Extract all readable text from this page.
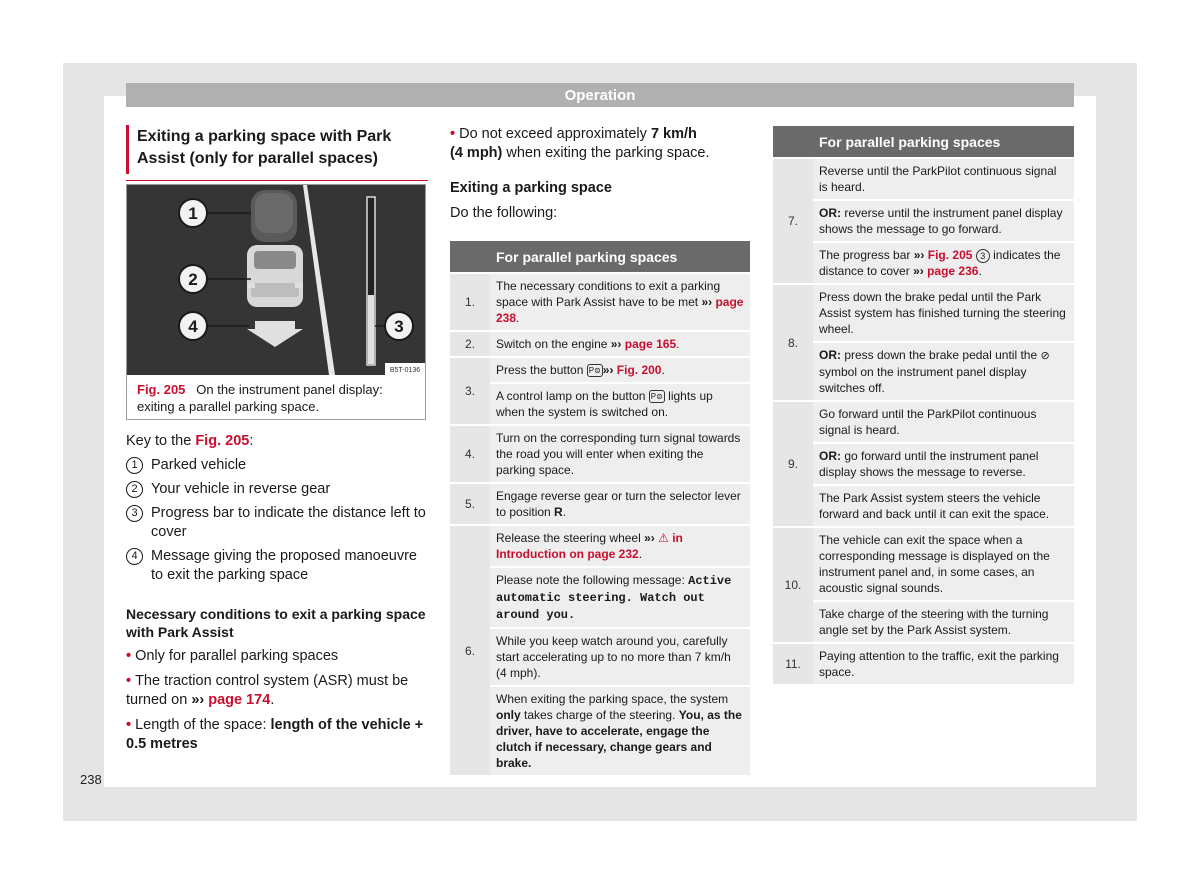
Operation
Exiting a parking space with Park Assist (only for parallel spaces)
1
2
4	3
B5T-0136
Fig. 205 On the instrument panel display: exiting a parallel parking space.
Key to the Fig. 205:
1 Parked vehicle
2 Your vehicle in reverse gear
3 Progress bar to indicate the distance left to cover
4 Message giving the proposed manoeuvre to exit the parking space
Necessary conditions to exit a parking space with Park Assist
• Only for parallel parking spaces
• The traction control system (ASR) must be turned on »› page 174.
• Length of the space: length of the vehicle + 0.5 metres
• Do not exceed approximately 7 km/h
(4 mph) when exiting the parking space.
Exiting a parking space
Do the following:
	For parallel parking spaces
1.	The necessary conditions to exit a parking space with Park Assist have to be met »› page 238.
2.	Switch on the engine »› page 165.
3.	Press the button P⊜ »› Fig. 200.
	A control lamp on the button P⊜ lights up when the system is switched on.
4.	Turn on the corresponding turn signal towards the road you will enter when exiting the parking space.
5.	Engage reverse gear or turn the selector lever to position R.
6.	Release the steering wheel »› ⚠ in Introduction on page 232.
	Please note the following message: Active automatic steering. Watch out around you.
	While you keep watch around you, carefully start accelerating up to no more than 7 km/h (4 mph).
	When exiting the parking space, the system only takes charge of the steering. You, as the driver, have to accelerate, engage the clutch if necessary, change gears and brake.
	For parallel parking spaces
7.	Reverse until the ParkPilot continuous signal is heard.
	OR: reverse until the instrument panel display shows the message to go forward.
	The progress bar »› Fig. 205 3 indicates the distance to cover »› page 236.
8.	Press down the brake pedal until the Park Assist system has finished turning the steering wheel.
	OR: press down the brake pedal until the ⊘ symbol on the instrument panel display switches off.
9.	Go forward until the ParkPilot continuous signal is heard.
	OR: go forward until the instrument panel display shows the message to reverse.
	The Park Assist system steers the vehicle forward and back until it can exit the space.
10.	The vehicle can exit the space when a corresponding message is displayed on the instrument panel and, in some cases, an acoustic signal sounds.
	Take charge of the steering with the turning angle set by the Park Assist system.
11.	Paying attention to the traffic, exit the parking space.
238
